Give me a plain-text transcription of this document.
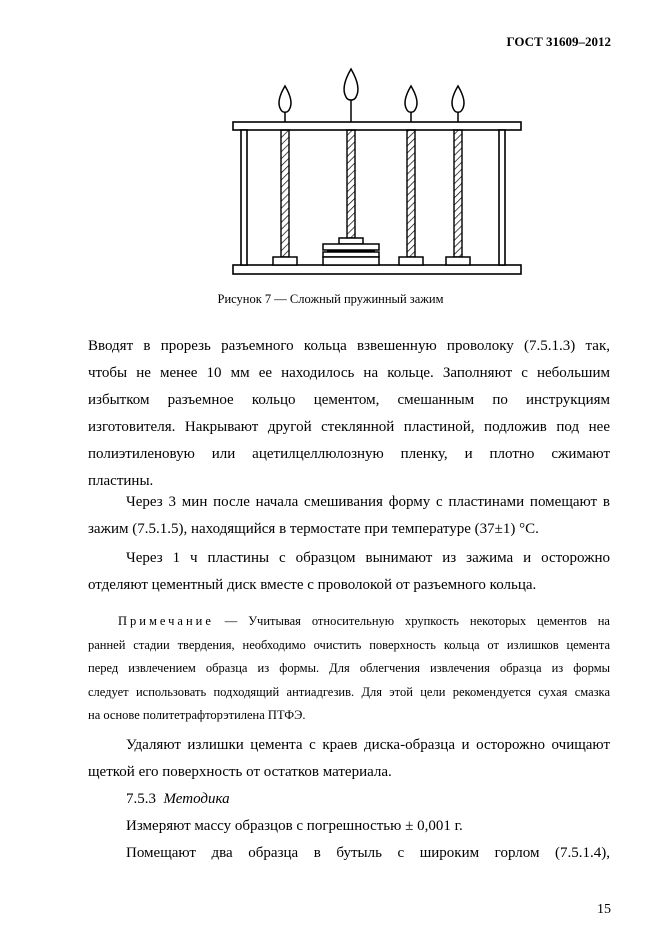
ГОСТ 31609–2012
Рисунок 7 — Сложный пружинный зажим
Вводят в прорезь разъемного кольца взвешенную проволоку (7.5.1.3) так,
чтобы не менее 10 мм ее находилось на кольце. Заполняют с небольшим
избытком разъемное кольцо цементом, смешанным по инструкциям
изготовителя. Накрывают другой стеклянной пластиной, подложив под нее
полиэтиленовую или ацетилцеллюлозную пленку, и плотно сжимают
пластины.
Через 3 мин после начала смешивания форму с пластинами помещают в
зажим (7.5.1.5), находящийся в термостате при температуре (37±1) °С.
Через 1 ч пластины с образцом вынимают из зажима и осторожно
отделяют цементный диск вместе с проволокой от разъемного кольца.
Примечание — Учитывая относительную хрупкость некоторых цементов на
ранней стадии твердения, необходимо очистить поверхность кольца от излишков цемента
перед извлечением образца из формы. Для облегчения извлечения образца из формы
следует использовать подходящий антиадгезив. Для этой цели рекомендуется сухая смазка
на основе политетрафторэтилена ПТФЭ.
Удаляют излишки цемента с краев диска-образца и осторожно очищают
щеткой его поверхность от остатков материала.
7.5.3 Методика
Измеряют массу образцов с погрешностью ± 0,001 г.
Помещают два образца в бутыль с широким горлом (7.5.1.4),
15
